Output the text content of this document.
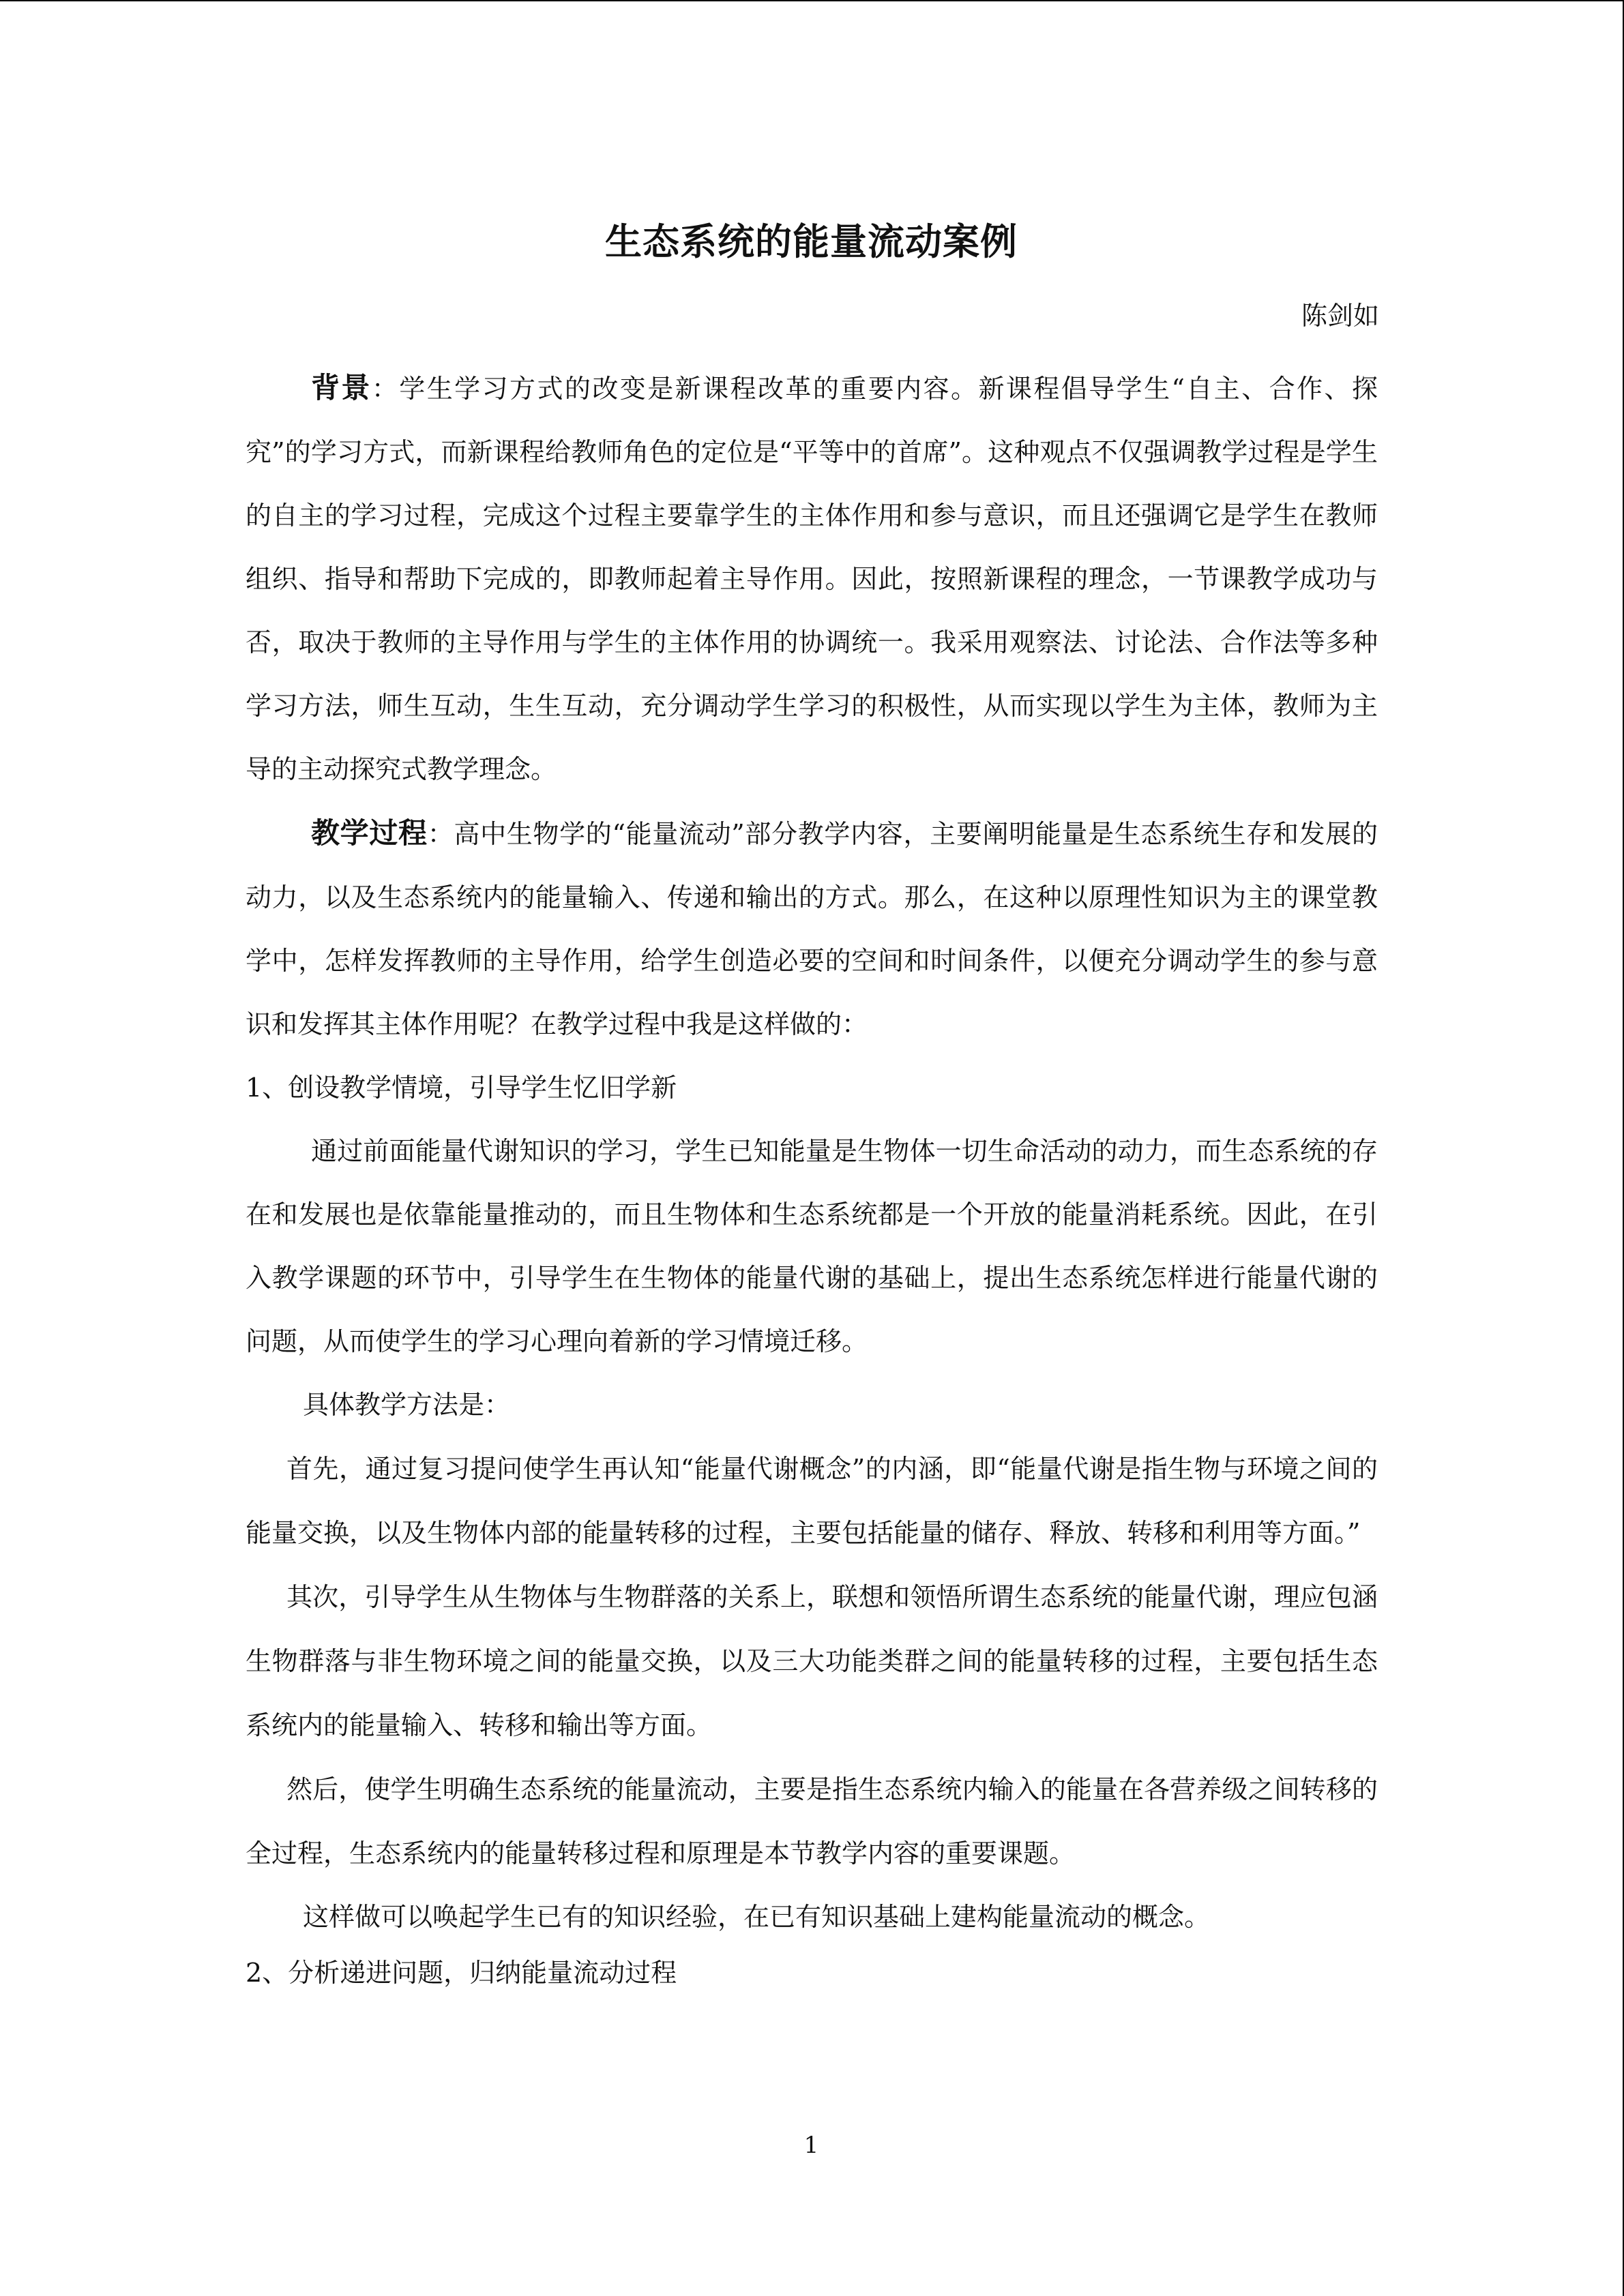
生态系统的能量流动案例
陈剑如

背景：学生学习方式的改变是新课程改革的重要内容。新课程倡导学生“自主、合作、探究”的学习方式，而新课程给教师角色的定位是“平等中的首席”。这种观点不仅强调教学过程是学生的自主的学习过程，完成这个过程主要靠学生的主体作用和参与意识，而且还强调它是学生在教师组织、指导和帮助下完成的，即教师起着主导作用。因此，按照新课程的理念，一节课教学成功与否，取决于教师的主导作用与学生的主体作用的协调统一。我采用观察法、讨论法、合作法等多种学习方法，师生互动，生生互动，充分调动学生学习的积极性，从而实现以学生为主体，教师为主导的主动探究式教学理念。

教学过程：高中生物学的“能量流动”部分教学内容，主要阐明能量是生态系统生存和发展的动力，以及生态系统内的能量输入、传递和输出的方式。那么，在这种以原理性知识为主的课堂教学中，怎样发挥教师的主导作用，给学生创造必要的空间和时间条件，以便充分调动学生的参与意识和发挥其主体作用呢？在教学过程中我是这样做的：

1、创设教学情境，引导学生忆旧学新

通过前面能量代谢知识的学习，学生已知能量是生物体一切生命活动的动力，而生态系统的存在和发展也是依靠能量推动的，而且生物体和生态系统都是一个开放的能量消耗系统。因此，在引入教学课题的环节中，引导学生在生物体的能量代谢的基础上，提出生态系统怎样进行能量代谢的问题，从而使学生的学习心理向着新的学习情境迁移。

具体教学方法是：

首先，通过复习提问使学生再认知“能量代谢概念”的内涵，即“能量代谢是指生物与环境之间的能量交换，以及生物体内部的能量转移的过程，主要包括能量的储存、释放、转移和利用等方面。”

其次，引导学生从生物体与生物群落的关系上，联想和领悟所谓生态系统的能量代谢，理应包涵生物群落与非生物环境之间的能量交换，以及三大功能类群之间的能量转移的过程，主要包括生态系统内的能量输入、转移和输出等方面。

然后，使学生明确生态系统的能量流动，主要是指生态系统内输入的能量在各营养级之间转移的全过程，生态系统内的能量转移过程和原理是本节教学内容的重要课题。

这样做可以唤起学生已有的知识经验，在已有知识基础上建构能量流动的概念。

2、分析递进问题，归纳能量流动过程

1
